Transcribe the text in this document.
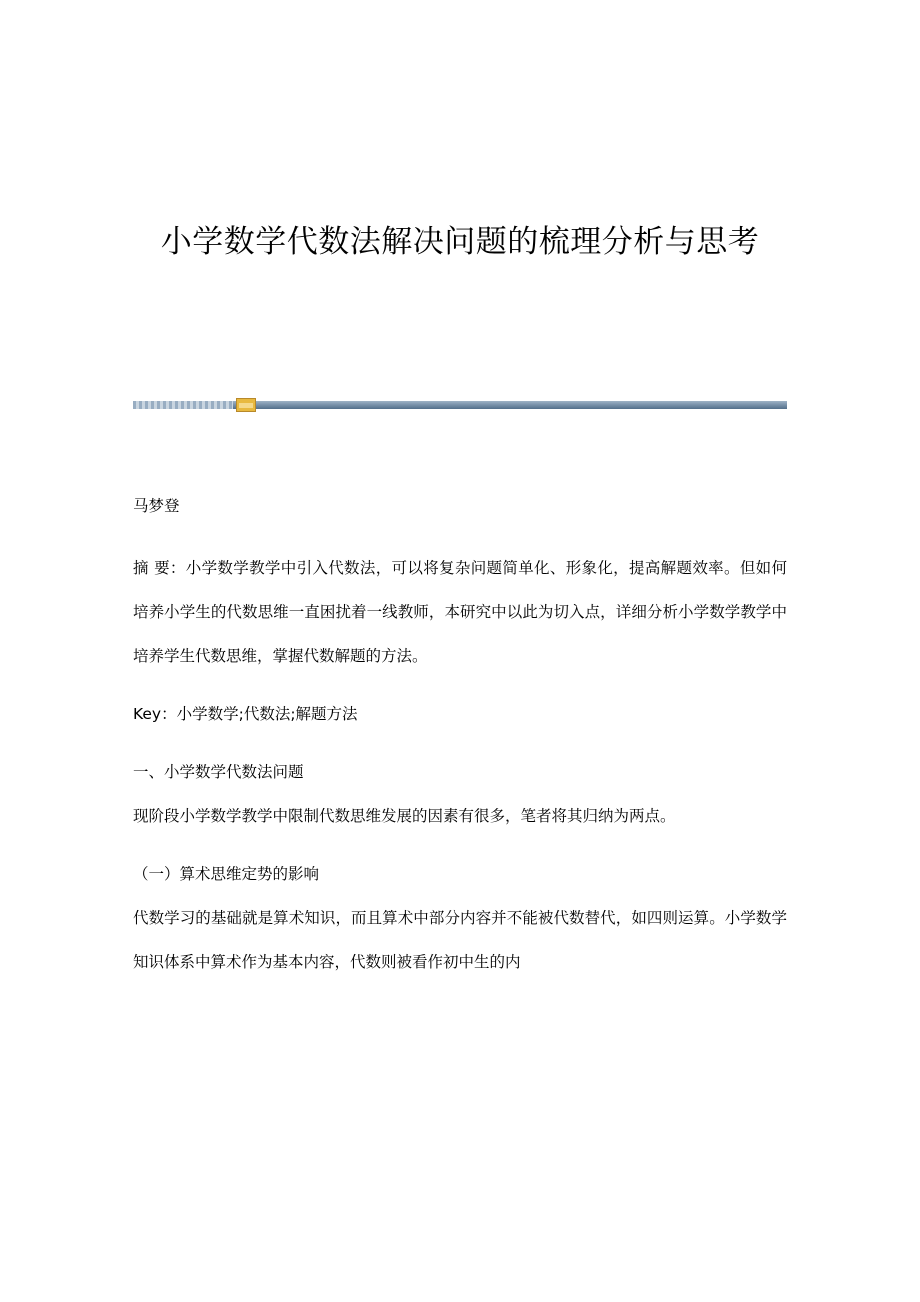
小学数学代数法解决问题的梳理分析与思考

马梦登

摘 要：小学数学教学中引入代数法，可以将复杂问题简单化、形象化，提高解题效率。但如何培养小学生的代数思维一直困扰着一线教师，本研究中以此为切入点，详细分析小学数学教学中培养学生代数思维，掌握代数解题的方法。

Key：小学数学;代数法;解题方法

一、小学数学代数法问题

现阶段小学数学教学中限制代数思维发展的因素有很多，笔者将其归纳为两点。

（一）算术思维定势的影响

代数学习的基础就是算术知识，而且算术中部分内容并不能被代数替代，如四则运算。小学数学知识体系中算术作为基本内容，代数则被看作初中生的内
